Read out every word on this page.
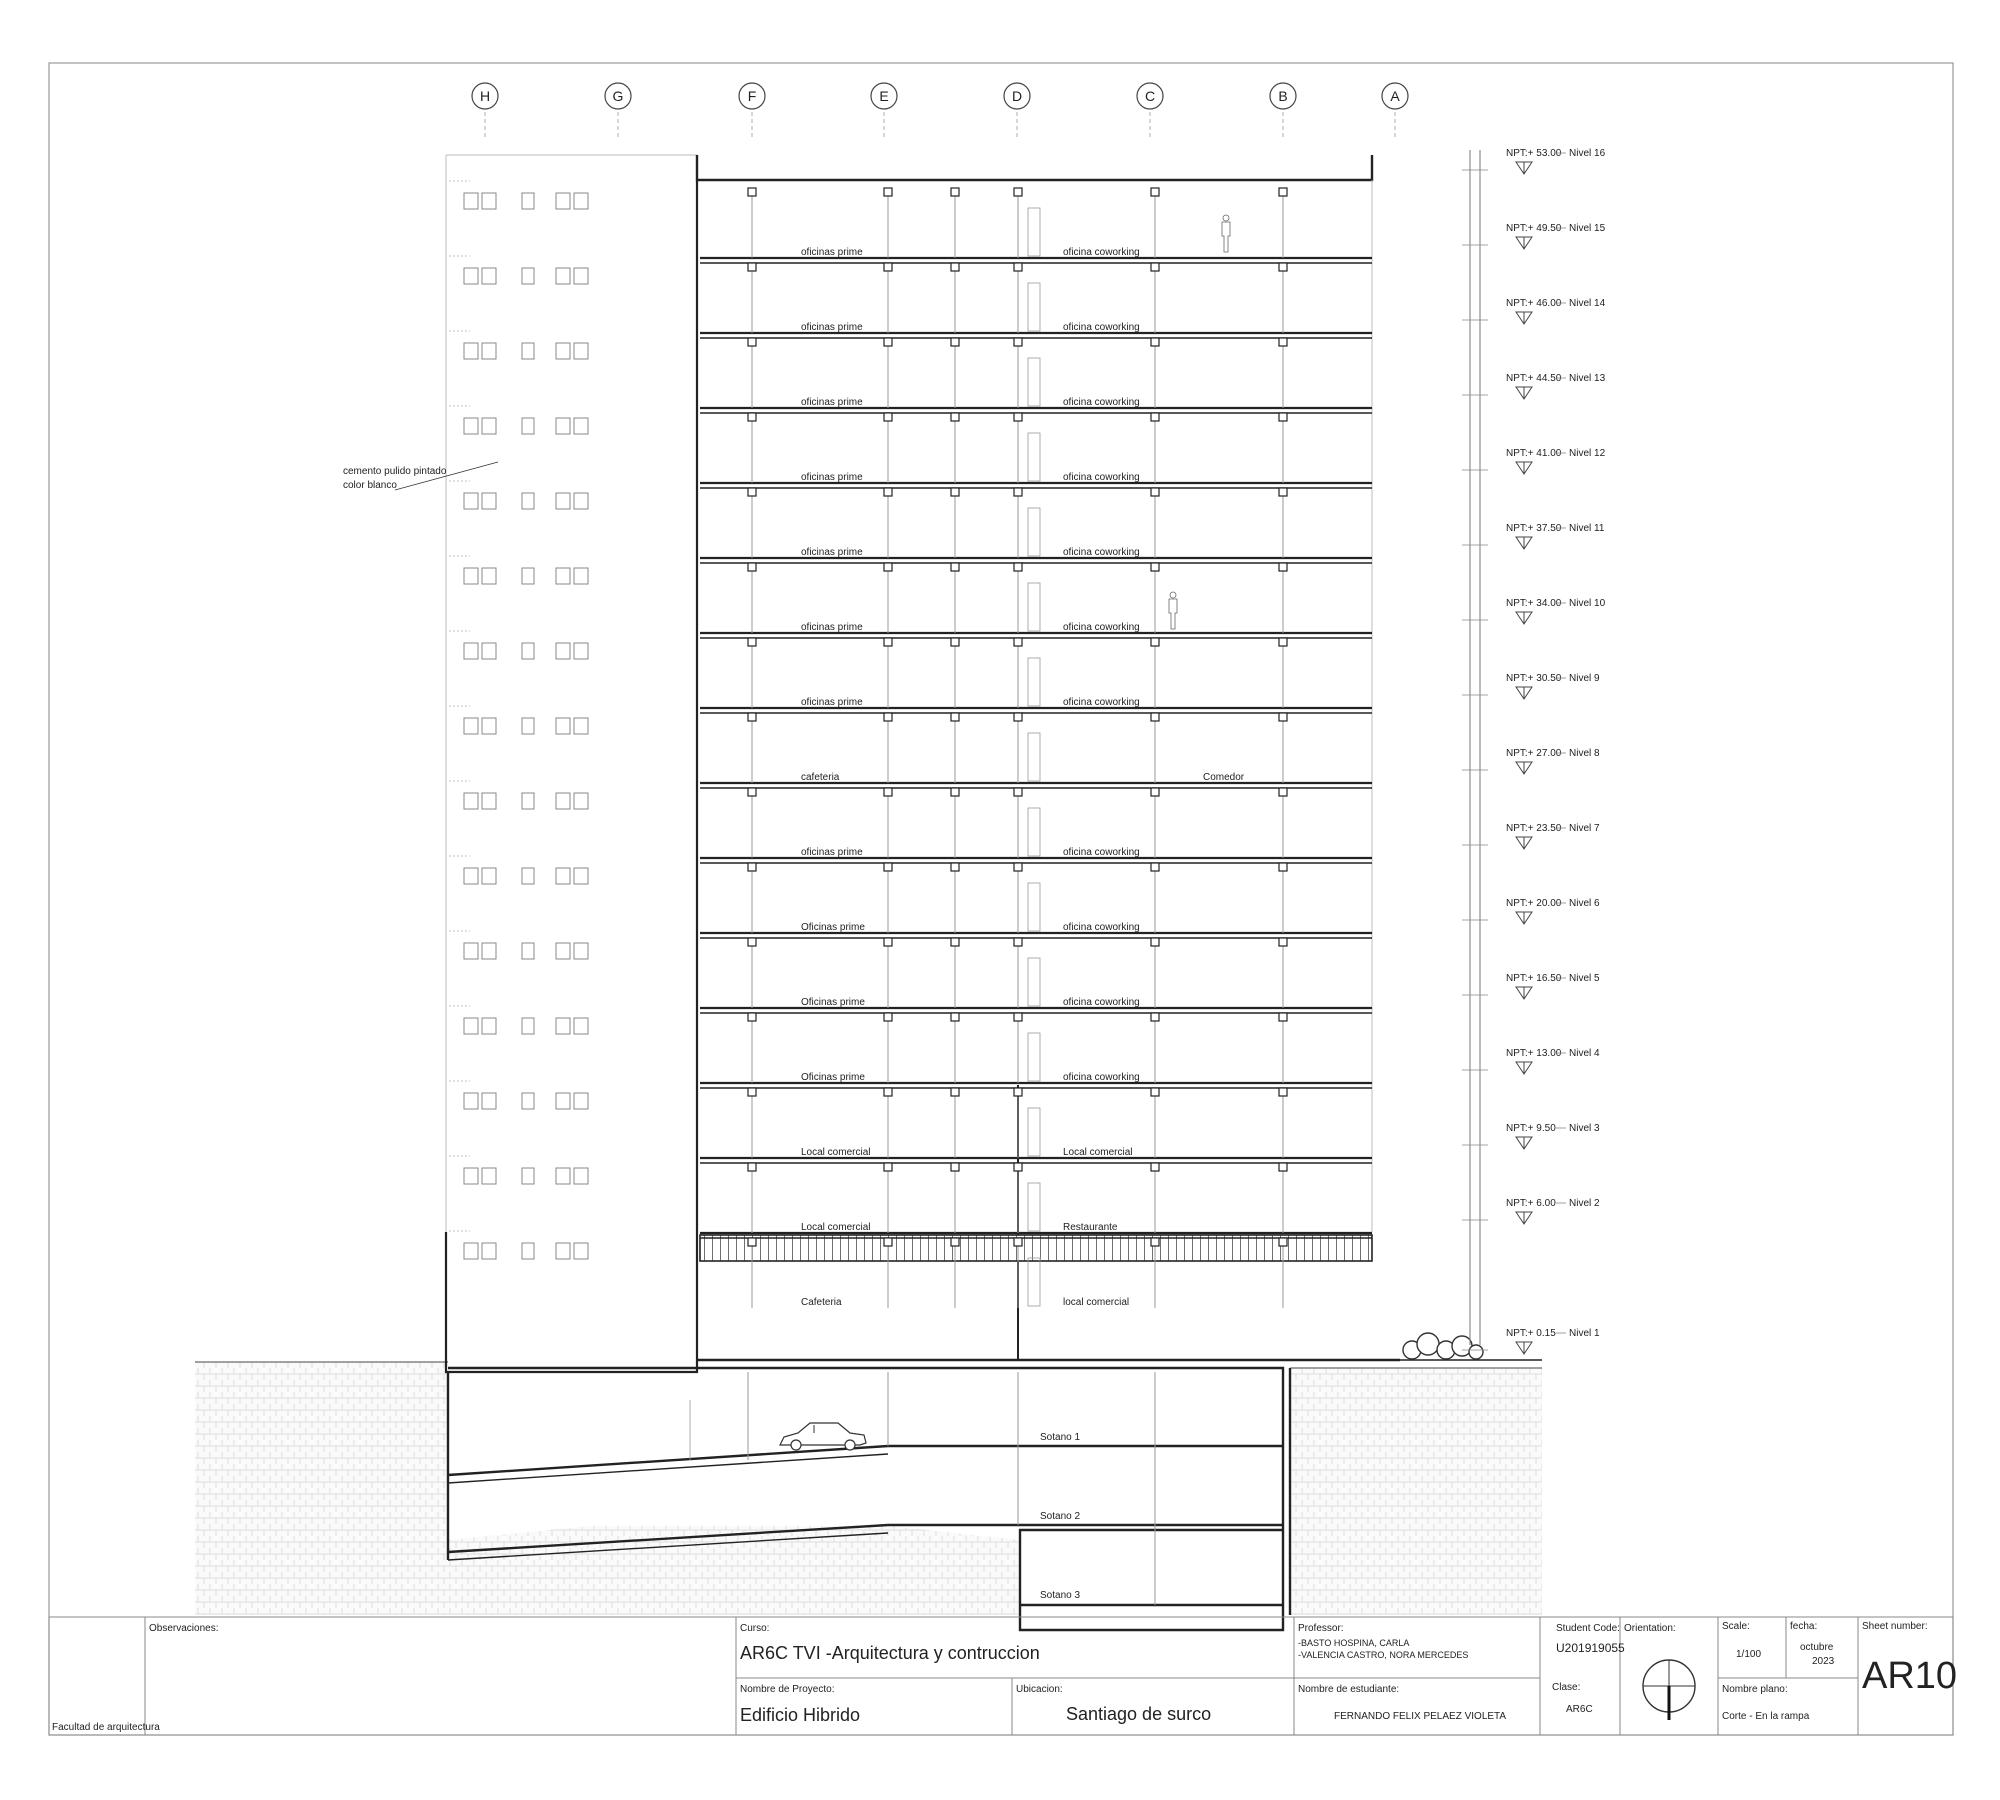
H	G	F	E	D	C	B	A
oficinas prime	oficina coworking
oficinas prime	oficina coworking
oficinas prime	oficina coworking
oficinas prime	oficina coworking
oficinas prime	oficina coworking
oficinas prime	oficina coworking
oficinas prime	oficina coworking
cafeteria	Comedor
oficinas prime	oficina coworking
Oficinas prime	oficina coworking
Oficinas prime	oficina coworking
Oficinas prime	oficina coworking
Local comercial	Local comercial
Local comercial	Restaurante
Cafeteria	local comercial
cemento pulido pintado
color blanco
Sotano 1
Sotano 2
Sotano 3
NPT:+ 53.00 Nivel 16
NPT:+ 49.50 Nivel 15
NPT:+ 46.00 Nivel 14
NPT:+ 44.50 Nivel 13
NPT:+ 41.00 Nivel 12
NPT:+ 37.50 Nivel 11
NPT:+ 34.00 Nivel 10
NPT:+ 30.50 Nivel 9
NPT:+ 27.00 Nivel 8
NPT:+ 23.50 Nivel 7
NPT:+ 20.00 Nivel 6
NPT:+ 16.50 Nivel 5
NPT:+ 13.00 Nivel 4
NPT:+ 9.50 Nivel 3
NPT:+ 6.00 Nivel 2
NPT:+ 0.15 Nivel 1
Facultad de arquitectura
Observaciones:	Curso:
AR6C TVI -Arquitectura y contruccion
Nombre de Proyecto:
Edificio Hibrido
Ubicacion:
Santiago de surco
Professor:
-BASTO HOSPINA, CARLA
-VALENCIA CASTRO, NORA MERCEDES
Nombre de estudiante:
FERNANDO FELIX PELAEZ VIOLETA
Student Code:
U201919055
Clase:
AR6C
Orientation:	Scale:
1/100
fecha:
octubre
2023
Nombre plano:
Corte - En la rampa
Sheet number:
AR10
